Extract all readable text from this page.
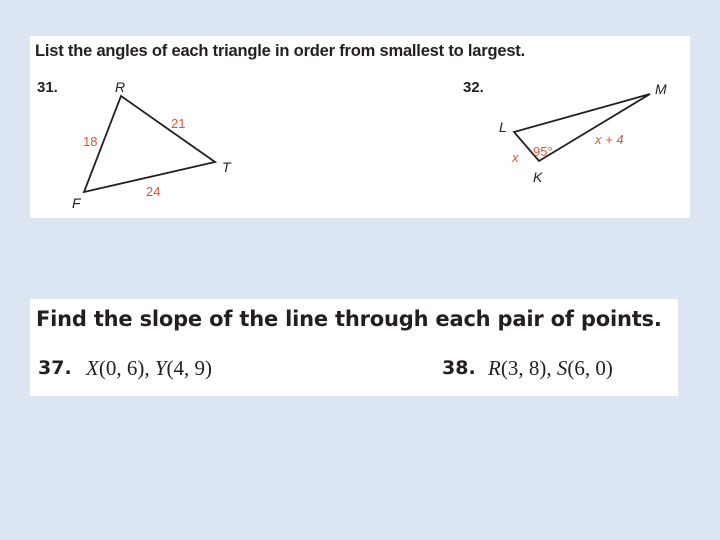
List the angles of each triangle in order from smallest to largest.
31.	32.
R
T
F
18
21
24
L
M
K
95°
x
x + 4
Find the slope of the line through each pair of points.
37. X(0, 6), Y(4, 9)	38. R(3, 8), S(6, 0)
